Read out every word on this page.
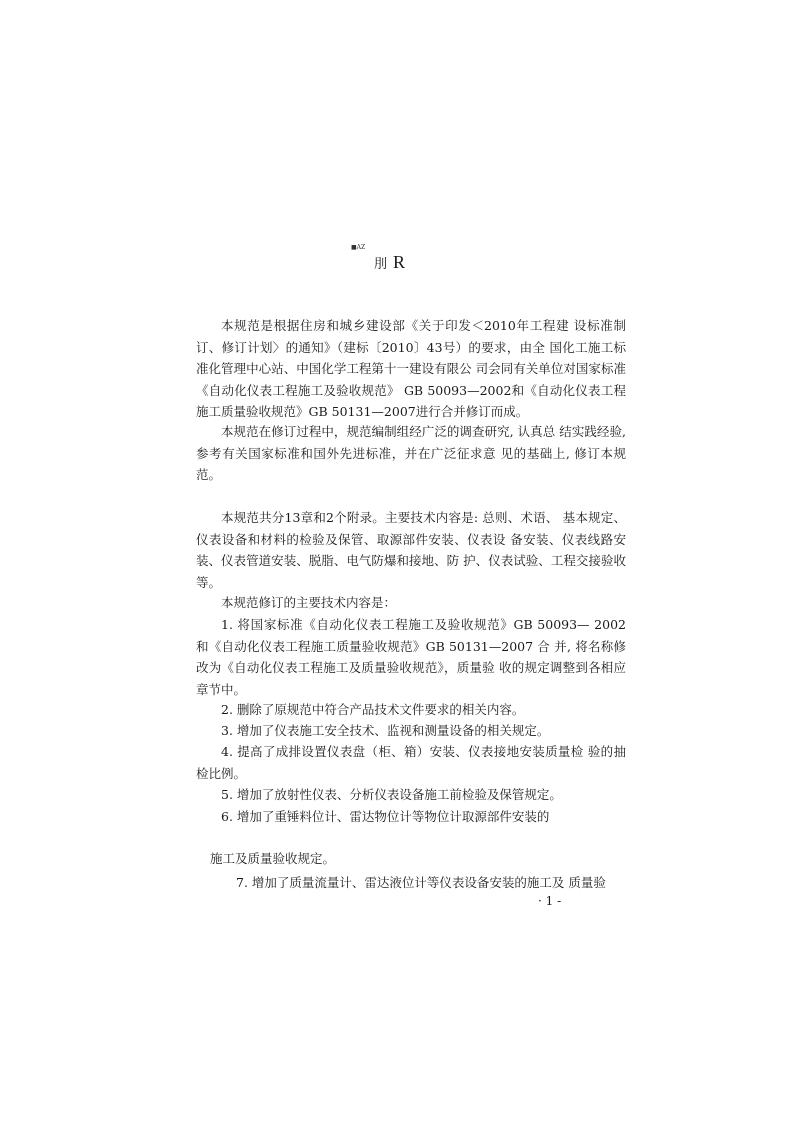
■AZ
刖 R

本规范是根据住房和城乡建设部《关于印发＜2010年工程建 设标准制订、修订计划〉的通知》（建标〔2010〕43号）的要求，由全 国化工施工标准化管理中心站、中国化学工程第十一建设有限公 司会同有关单位对国家标准《自动化仪表工程施工及验收规范》 GB 50093—2002和《自动化仪表工程施工质量验收规范》GB 50131—2007进行合并修订而成。

本规范在修订过程中，规范编制组经广泛的调查研究, 认真总 结实践经验, 参考有关国家标准和国外先进标准，并在广泛征求意 见的基础上, 修订本规范。

本规范共分13章和2个附录。主要技术内容是: 总则、术语、 基本规定、仪表设备和材料的检验及保管、取源部件安装、仪表设 备安装、仪表线路安装、仪表管道安装、脱脂、电气防爆和接地、防 护、仪表试验、工程交接验收等。

本规范修订的主要技术内容是：

1. 将国家标准《自动化仪表工程施工及验收规范》GB 50093— 2002 和《自动化仪表工程施工质量验收规范》GB 50131—2007 合 并, 将名称修改为《自动化仪表工程施工及质量验收规范》，质量验 收的规定调整到各相应章节中。

2. 删除了原规范中符合产品技术文件要求的相关内容。

3. 增加了仪表施工安全技术、监视和测量设备的相关规定。

4. 提高了成排设置仪表盘（柜、箱）安装、仪表接地安装质量检 验的抽检比例。

5. 增加了放射性仪表、分析仪表设备施工前检验及保管规定。

6. 增加了重锤料位计、雷达物位计等物位计取源部件安装的

施工及质量验收规定。

7. 增加了质量流量计、雷达液位计等仪表设备安装的施工及 质量验

· 1 -
